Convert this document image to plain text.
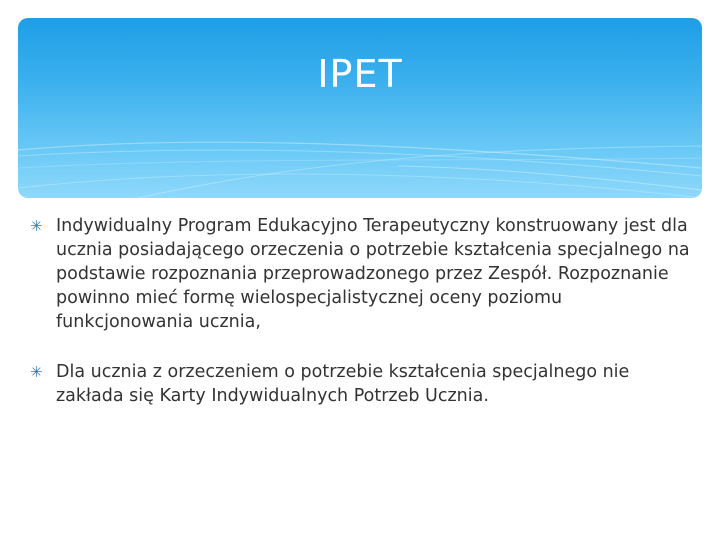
IPET
✳ Indywidualny Program Edukacyjno Terapeutyczny konstruowany jest dla ucznia posiadającego orzeczenia o potrzebie kształcenia specjalnego na podstawie rozpoznania przeprowadzonego przez Zespół. Rozpoznanie powinno mieć formę wielospecjalistycznej oceny poziomu funkcjonowania ucznia,
✳ Dla ucznia z orzeczeniem o potrzebie kształcenia specjalnego nie zakłada się Karty Indywidualnych Potrzeb Ucznia.
